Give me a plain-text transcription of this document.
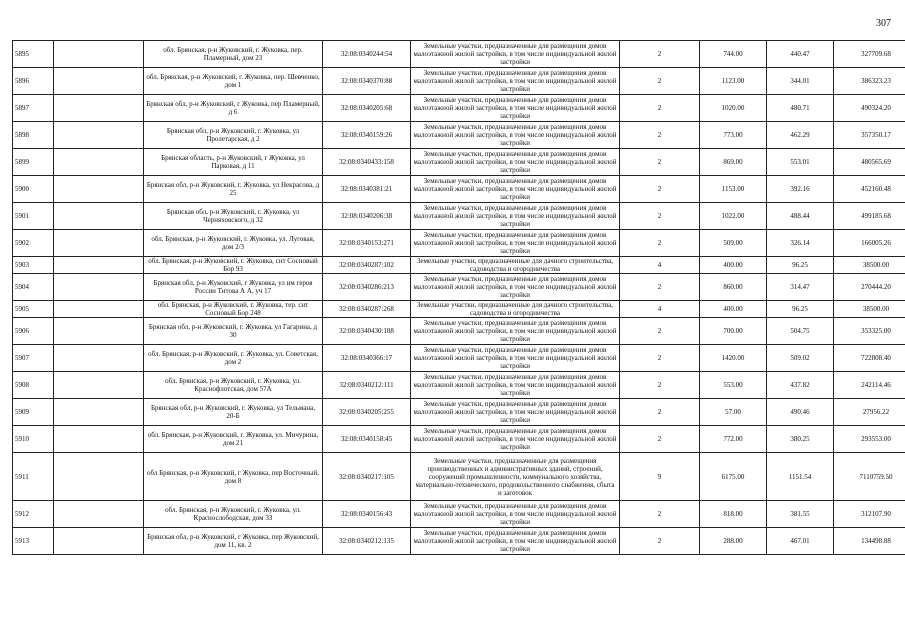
307
5895		обл. Брянская, р-н Жуковский, г. Жуковка, пер. Пламерный, дом 23	32:08:0340244:54	Земельные участки, предназначенные для размещения домов малоэтажной жилой застройки, в том числе индивидуальной жилой застройки	2	744.00	440.47	327709.68
5896		обл. Брянская, р-н Жуковский, г. Жуковка, пер. Шевченко, дом 1	32:08:0340370:88	Земельные участки, предназначенные для размещения домов малоэтажной жилой застройки, в том числе индивидуальной жилой застройки	2	1123.00	344.01	386323.23
5897		Брянская обл, р-н Жуковский, г Жуковка, пер Пламерный, д 6	32:08:0340205:68	Земельные участки, предназначенные для размещения домов малоэтажной жилой застройки, в том числе индивидуальной жилой застройки	2	1020.00	480.71	490324.20
5898		Брянская обл, р-н Жуковский, г. Жуковка, ул Пролетарская, д 2	32:08:0340159:26	Земельные участки, предназначенные для размещения домов малоэтажной жилой застройки, в том числе индивидуальной жилой застройки	2	773.00	462.29	357350.17
5899		Брянская область, р-н Жуковский, г Жуковка, ул Парковая, д 11	32:08:0340433:158	Земельные участки, предназначенные для размещения домов малоэтажной жилой застройки, в том числе индивидуальной жилой застройки	2	869.00	553.01	480565.69
5900		Брянская обл, р-н Жуковский, г. Жуковка, ул Некрасова, д 25	32:08:0340381:21	Земельные участки, предназначенные для размещения домов малоэтажной жилой застройки, в том числе индивидуальной жилой застройки	2	1153.00	392.16	452160.48
5901		Брянская обл, р-н Жуковский, г. Жуковка, ул Черняховского, д 32	32:08:0340206:38	Земельные участки, предназначенные для размещения домов малоэтажной жилой застройки, в том числе индивидуальной жилой застройки	2	1022.00	488.44	499185.68
5902		обл. Брянская, р-н Жуковский, г. Жуковка, ул. Луговая, дом 2/3	32:08:0340153:271	Земельные участки, предназначенные для размещения домов малоэтажной жилой застройки, в том числе индивидуальной жилой застройки	2	509.00	326.14	166005.26
5903		обл. Брянская, р-н Жуковский, г. Жуковка, снт Сосновый Бор 93	32:08:0340287:102	Земельные участки, предназначенные для дачного строительства, садоводства и огородничества	4	400.00	96.25	38500.00
5904		Брянская обл, р-н Жуковский, г Жуковка, ул им героя России Титова А А, уч 17	32:08:0340286:213	Земельные участки, предназначенные для размещения домов малоэтажной жилой застройки, в том числе индивидуальной жилой застройки	2	860.00	314.47	270444.20
5905		обл. Брянская, р-н Жуковский, г. Жуковка, тер. снт Сосновый Бор 248	32:08:0340287:268	Земельные участки, предназначенные для дачного строительства, садоводства и огородничества	4	400.00	96.25	38500.00
5906		Брянская обл, р-н Жуковский, г. Жуковка, ул Гагарина, д 30	32:08:0340430:188	Земельные участки, предназначенные для размещения домов малоэтажной жилой застройки, в том числе индивидуальной жилой застройки	2	700.00	504.75	353325.00
5907		обл. Брянская, р-н Жуковский, г. Жуковка, ул. Советская, дом 2	32:08:0340366:17	Земельные участки, предназначенные для размещения домов малоэтажной жилой застройки, в том числе индивидуальной жилой застройки	2	1420.00	509.02	722808.40
5908		обл. Брянская, р-н Жуковский, г. Жуковка, ул. Краснофлотская, дом 57А	32:08:0340212:111	Земельные участки, предназначенные для размещения домов малоэтажной жилой застройки, в том числе индивидуальной жилой застройки	2	553.00	437.82	242114.46
5909		Брянская обл, р-н Жуковский, г. Жуковка, ул Тельмана, 20-Б	32:08:0340205:255	Земельные участки, предназначенные для размещения домов малоэтажной жилой застройки, в том числе индивидуальной жилой застройки	2	57.00	490.46	27956.22
5910		обл. Брянская, р-н Жуковский, г. Жуковка, ул. Мичурина, дом 21	32:08:0340158:45	Земельные участки, предназначенные для размещения домов малоэтажной жилой застройки, в том числе индивидуальной жилой застройки	2	772.00	380.25	293553.00
5911		обл Брянская, р-н Жуковский, г Жуковка, пер Восточный, дом 8	32:08:0340217:105	Земельные участки, предназначенные для размещения производственных и административных зданий, строений, сооружений промышленности, коммунального хозяйства, материально-технического, продовольственного снабжения, сбыта и заготовок	9	6175.00	1151.54	7110759.50
5912		обл. Брянская, р-н Жуковский, г. Жуковка, ул. Краснослободская, дом 33	32:08:0340156:43	Земельные участки, предназначенные для размещения домов малоэтажной жилой застройки, в том числе индивидуальной жилой застройки	2	818.00	381.55	312107.90
5913		Брянская обл, р-н Жуковский, г Жуковка, пер Жуковский, дом 11, кв. 2	32:08:0340212:135	Земельные участки, предназначенные для размещения домов малоэтажной жилой застройки, в том числе индивидуальной жилой застройки	2	288.00	467.01	134498.88
